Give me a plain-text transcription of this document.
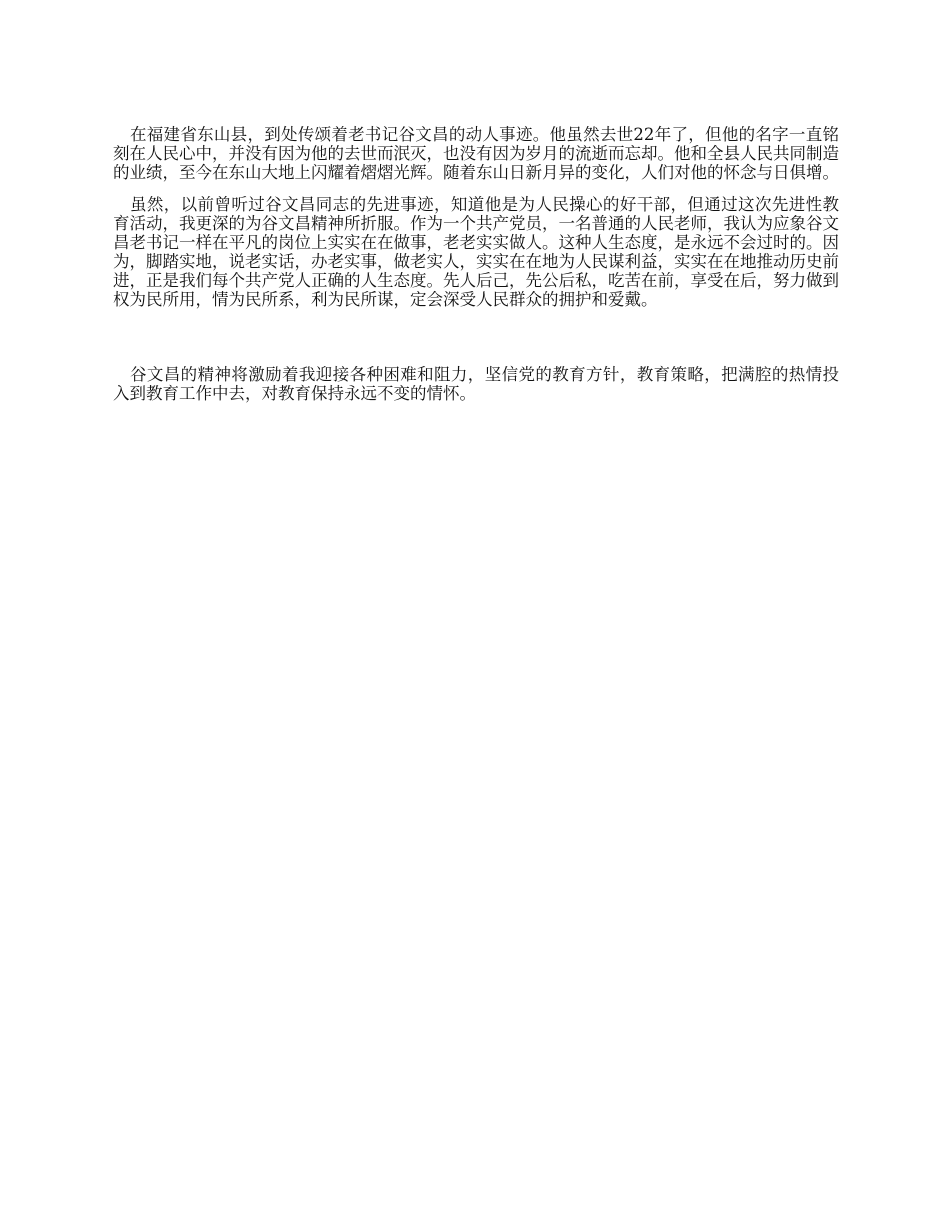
在福建省东山县，到处传颂着老书记谷文昌的动人事迹。他虽然去世22年了，但他的名字一直铭刻在人民心中，并没有因为他的去世而泯灭，也没有因为岁月的流逝而忘却。他和全县人民共同制造的业绩，至今在东山大地上闪耀着熠熠光辉。随着东山日新月异的变化，人们对他的怀念与日俱增。

虽然，以前曾听过谷文昌同志的先进事迹，知道他是为人民操心的好干部，但通过这次先进性教育活动，我更深的为谷文昌精神所折服。作为一个共产党员，一名普通的人民老师，我认为应象谷文昌老书记一样在平凡的岗位上实实在在做事，老老实实做人。这种人生态度，是永远不会过时的。因为，脚踏实地，说老实话，办老实事，做老实人，实实在在地为人民谋利益，实实在在地推动历史前进，正是我们每个共产党人正确的人生态度。先人后己，先公后私，吃苦在前，享受在后，努力做到权为民所用，情为民所系，利为民所谋，定会深受人民群众的拥护和爱戴。

谷文昌的精神将激励着我迎接各种困难和阻力，坚信党的教育方针，教育策略，把满腔的热情投入到教育工作中去，对教育保持永远不变的情怀。
